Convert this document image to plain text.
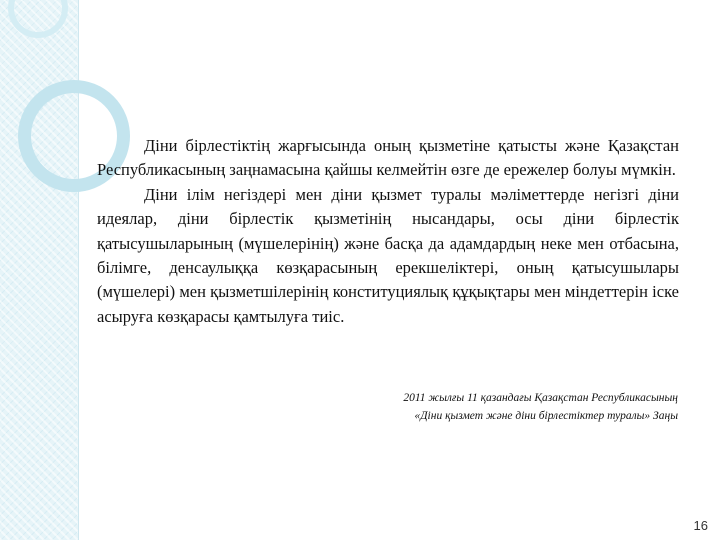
Діни бірлестіктің жарғысында оның қызметіне қатысты және Қазақстан Республикасының заңнамасына қайшы келмейтін өзге де ережелер болуы мүмкін.

Діни ілім негіздері мен діни қызмет туралы мәліметтерде негізгі діни идеялар, діни бірлестік қызметінің нысандары, осы діни бірлестік қатысушыларының (мүшелерінің) және басқа да адамдардың неке мен отбасына, білімге, денсаулыққа көзқарасының ерекшеліктері, оның қатысушылары (мүшелері) мен қызметшілерінің конституциялық құқықтары мен міндеттерін іске асыруға көзқарасы қамтылуға тиіс.

2011 жылғы 11 қазандағы Қазақстан Республикасының
«Діни қызмет және діни бірлестіктер туралы» Заңы
16
